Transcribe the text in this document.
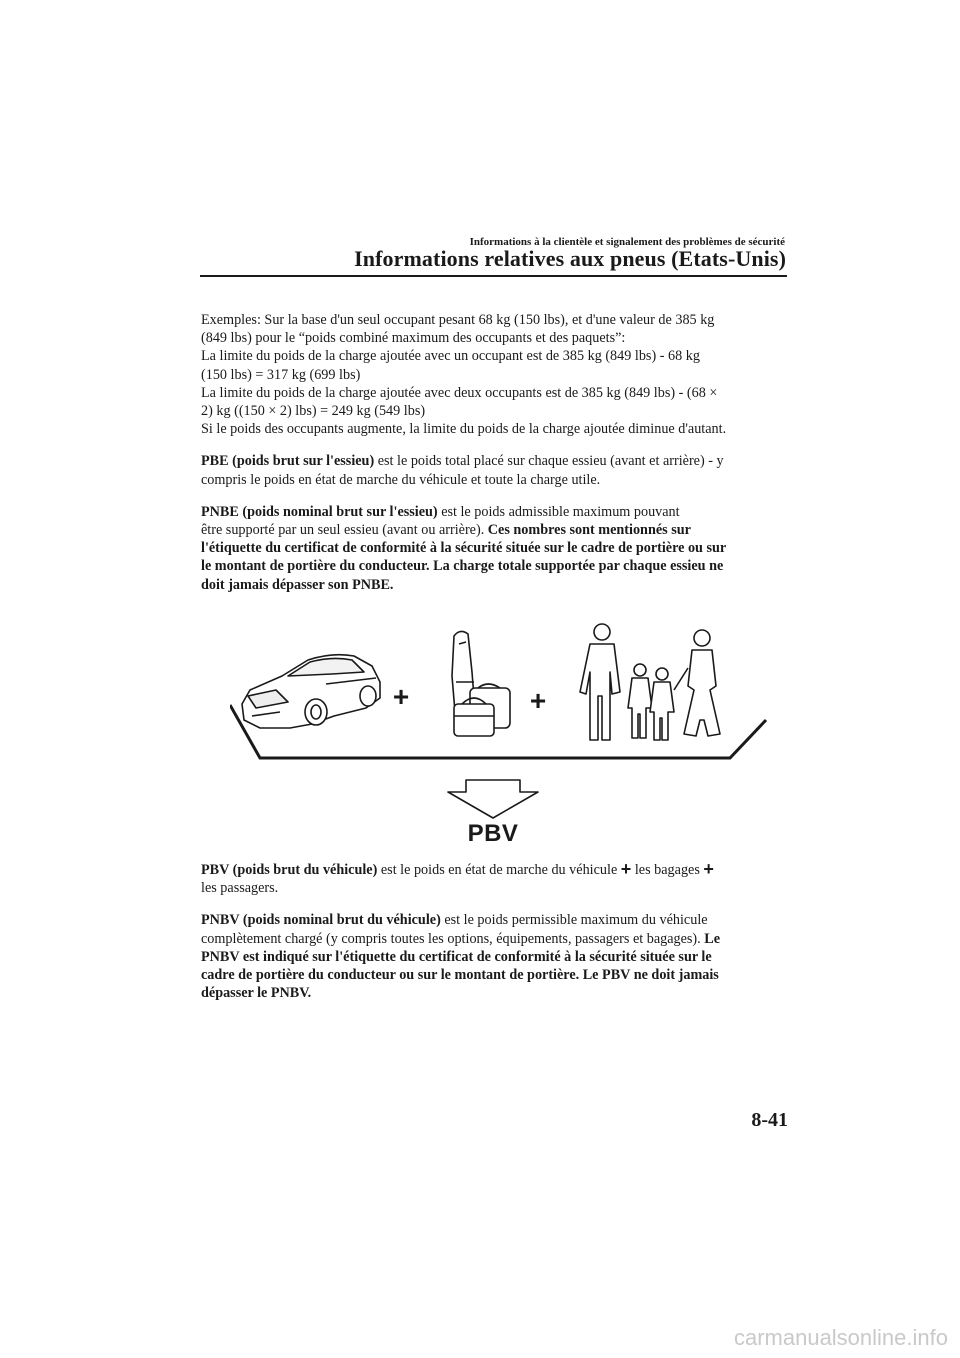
Informations à la clientèle et signalement des problèmes de sécurité
Informations relatives aux pneus (Etats-Unis)

Exemples: Sur la base d'un seul occupant pesant 68 kg (150 lbs), et d'une valeur de 385 kg
(849 lbs) pour le “poids combiné maximum des occupants et des paquets”:
La limite du poids de la charge ajoutée avec un occupant est de 385 kg (849 lbs) - 68 kg
(150 lbs) = 317 kg (699 lbs)
La limite du poids de la charge ajoutée avec deux occupants est de 385 kg (849 lbs) - (68 ×
2) kg ((150 × 2) lbs) = 249 kg (549 lbs)
Si le poids des occupants augmente, la limite du poids de la charge ajoutée diminue d'autant.

PBE (poids brut sur l'essieu) est le poids total placé sur chaque essieu (avant et arrière) - y
compris le poids en état de marche du véhicule et toute la charge utile.

PNBE (poids nominal brut sur l'essieu) est le poids admissible maximum pouvant
être supporté par un seul essieu (avant ou arrière). Ces nombres sont mentionnés sur
l'étiquette du certificat de conformité à la sécurité située sur le cadre de portière ou sur
le montant de portière du conducteur. La charge totale supportée par chaque essieu ne
doit jamais dépasser son PNBE.

+	+
PBV

PBV (poids brut du véhicule) est le poids en état de marche du véhicule + les bagages +
les passagers.

PNBV (poids nominal brut du véhicule) est le poids permissible maximum du véhicule
complètement chargé (y compris toutes les options, équipements, passagers et bagages). Le
PNBV est indiqué sur l'étiquette du certificat de conformité à la sécurité située sur le
cadre de portière du conducteur ou sur le montant de portière. Le PBV ne doit jamais
dépasser le PNBV.

8-41
carmanualsonline.info
